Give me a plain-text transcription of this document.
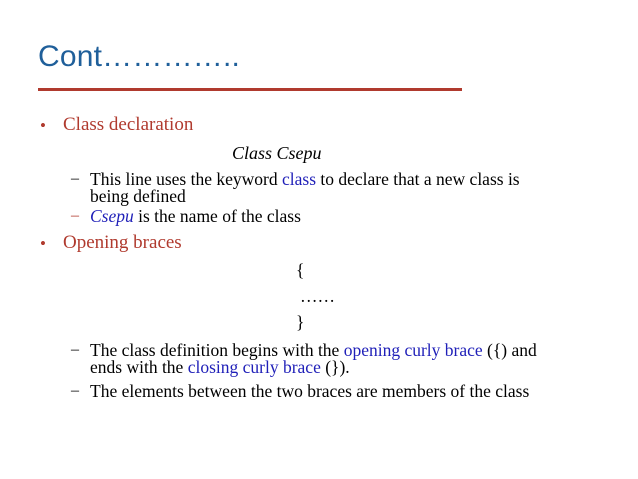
Cont…………..
• Class declaration
Class Csepu
– This line uses the keyword class to declare that a new class is
being defined
– Csepu is the name of the class
• Opening braces
{
……
}
– The class definition begins with the opening curly brace ({) and
ends with the closing curly brace (}).
– The elements between the two braces are members of the class
